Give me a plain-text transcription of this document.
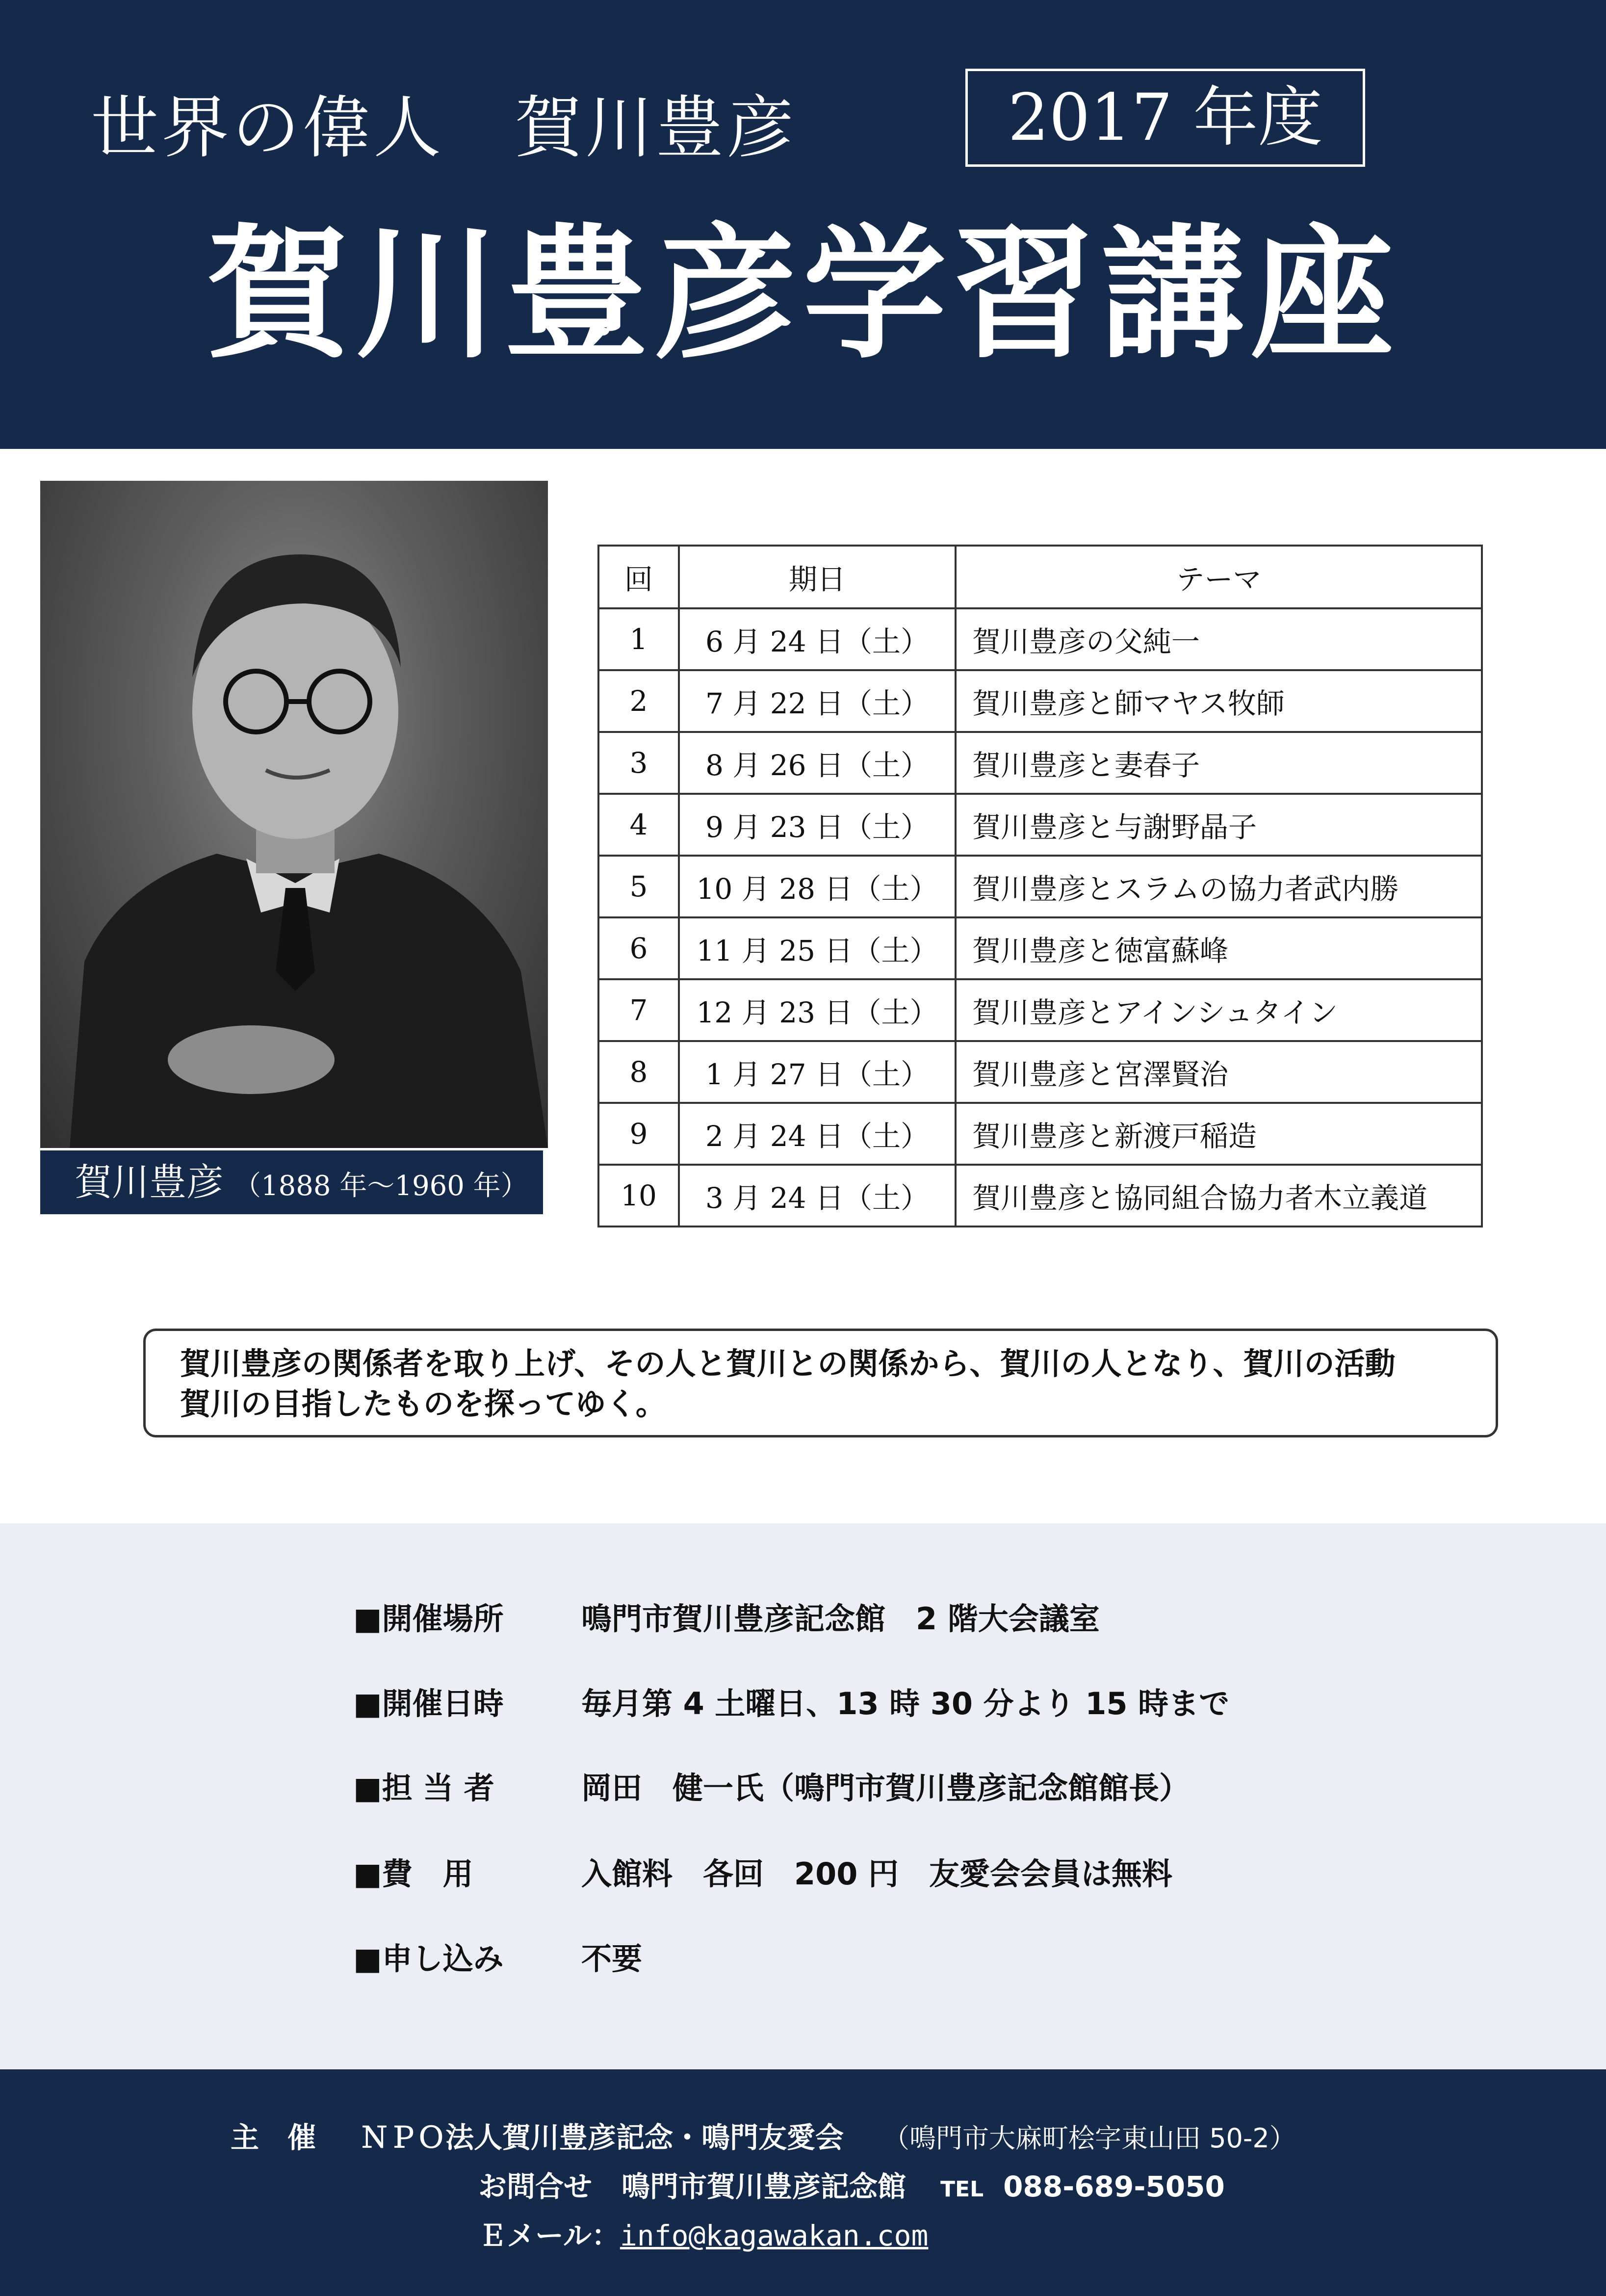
世界の偉人　賀川豊彦	2017 年度
賀川豊彦学習講座
賀川豊彦 （1888 年～1960 年）
回	期日	テーマ
1	6 月 24 日（土）	賀川豊彦の父純一
2	7 月 22 日（土）	賀川豊彦と師マヤス牧師
3	8 月 26 日（土）	賀川豊彦と妻春子
4	9 月 23 日（土）	賀川豊彦と与謝野晶子
5	10 月 28 日（土）	賀川豊彦とスラムの協力者武内勝
6	11 月 25 日（土）	賀川豊彦と徳富蘇峰
7	12 月 23 日（土）	賀川豊彦とアインシュタイン
8	1 月 27 日（土）	賀川豊彦と宮澤賢治
9	2 月 24 日（土）	賀川豊彦と新渡戸稲造
10	3 月 24 日（土）	賀川豊彦と協同組合協力者木立義道
賀川豊彦の関係者を取り上げ、その人と賀川との関係から、賀川の人となり、賀川の活動
賀川の目指したものを探ってゆく。
■開催場所	鳴門市賀川豊彦記念館　2 階大会議室
■開催日時	毎月第 4 土曜日、13 時 30 分より 15 時まで
■担 当 者	岡田　健一氏（鳴門市賀川豊彦記念館館長）
■費　用	入館料　各回　200 円　友愛会会員は無料
■申し込み	不要
主　催 ＮＰＯ法人賀川豊彦記念・鳴門友愛会 （鳴門市大麻町桧字東山田 50-2）
お問合せ 鳴門市賀川豊彦記念館 TEL 088-689-5050
Ｅメール：info@kagawakan.com
